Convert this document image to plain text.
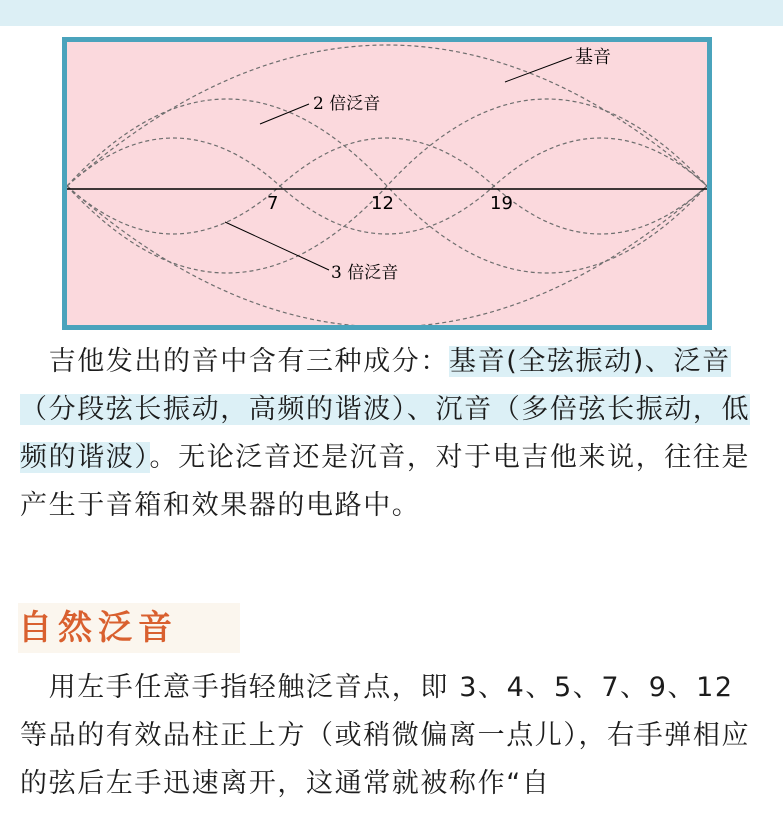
基音
2 倍泛音
3 倍泛音
7	12	19

 吉他发出的音中含有三种成分：基音(全弦振动)、泛音（分段弦长振动，高频的谐波）、沉音（多倍弦长振动，低频的谐波）。无论泛音还是沉音，对于电吉他来说，往往是产生于音箱和效果器的电路中。

自然泛音

 用左手任意手指轻触泛音点，即 3、4、5、7、9、12 等品的有效品柱正上方（或稍微偏离一点儿），右手弹相应的弦后左手迅速离开，这通常就被称作“自
